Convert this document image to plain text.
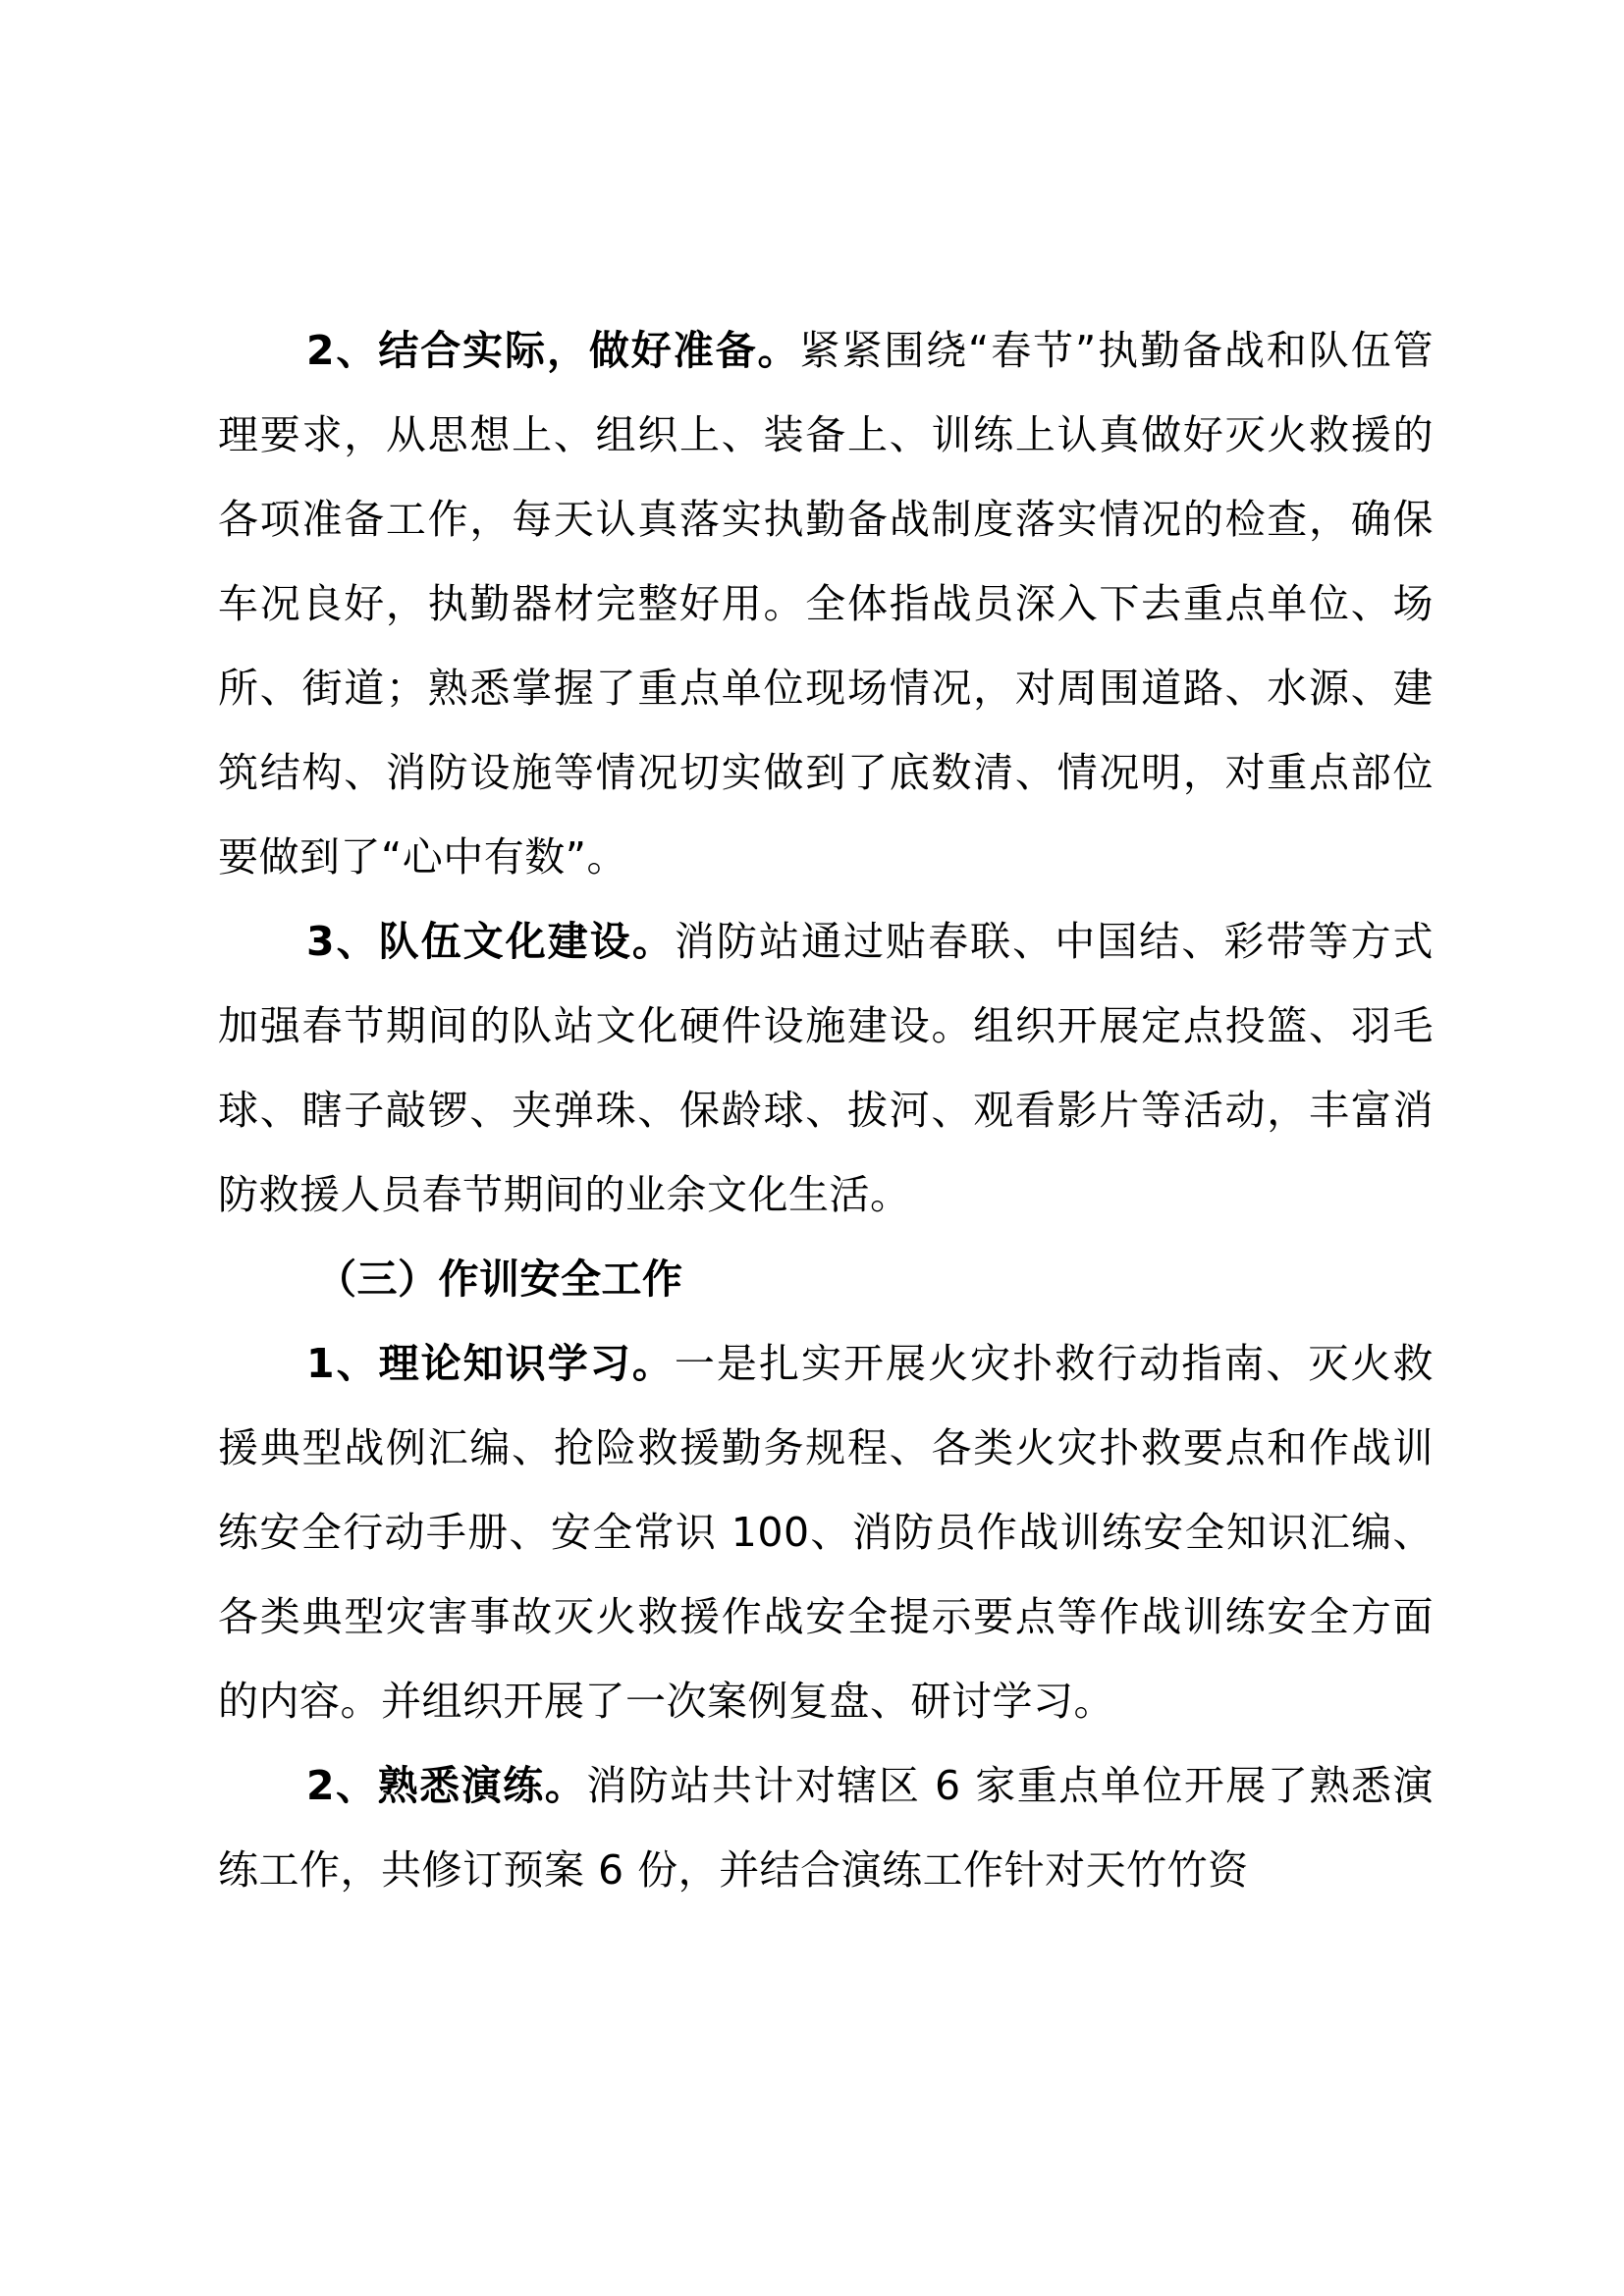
2、结合实际，做好准备。紧紧围绕“春节”执勤备战和队伍管理要求，从思想上、组织上、装备上、训练上认真做好灭火救援的各项准备工作，每天认真落实执勤备战制度落实情况的检查，确保车况良好，执勤器材完整好用。全体指战员深入下去重点单位、场所、街道；熟悉掌握了重点单位现场情况，对周围道路、水源、建筑结构、消防设施等情况切实做到了底数清、情况明，对重点部位要做到了“心中有数”。

3、队伍文化建设。消防站通过贴春联、中国结、彩带等方式加强春节期间的队站文化硬件设施建设。组织开展定点投篮、羽毛球、瞎子敲锣、夹弹珠、保龄球、拔河、观看影片等活动，丰富消防救援人员春节期间的业余文化生活。

（三）作训安全工作

1、理论知识学习。一是扎实开展火灾扑救行动指南、灭火救援典型战例汇编、抢险救援勤务规程、各类火灾扑救要点和作战训练安全行动手册、安全常识 100、消防员作战训练安全知识汇编、各类典型灾害事故灭火救援作战安全提示要点等作战训练安全方面的内容。并组织开展了一次案例复盘、研讨学习。

2、熟悉演练。消防站共计对辖区 6 家重点单位开展了熟悉演练工作，共修订预案 6 份，并结合演练工作针对天竹竹资
